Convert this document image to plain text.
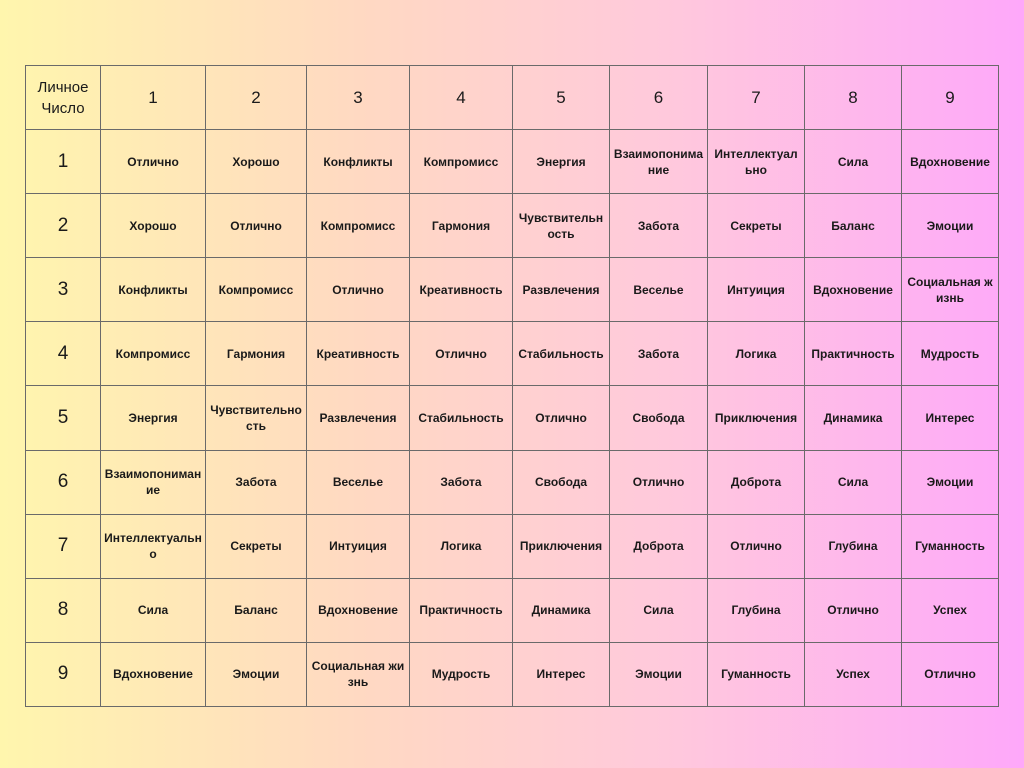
Личное Число	1	2	3	4	5	6	7	8	9
1	Отлично	Хорошо	Конфликты	Компромисс	Энергия	Взаимопонимание	Интеллектуально	Сила	Вдохновение
2	Хорошо	Отлично	Компромисс	Гармония	Чувствительность	Забота	Секреты	Баланс	Эмоции
3	Конфликты	Компромисс	Отлично	Креативность	Развлечения	Веселье	Интуиция	Вдохновение	Социальная жизнь
4	Компромисс	Гармония	Креативность	Отлично	Стабильность	Забота	Логика	Практичность	Мудрость
5	Энергия	Чувствительность	Развлечения	Стабильность	Отлично	Свобода	Приключения	Динамика	Интерес
6	Взаимопонимание	Забота	Веселье	Забота	Свобода	Отлично	Доброта	Сила	Эмоции
7	Интеллектуально	Секреты	Интуиция	Логика	Приключения	Доброта	Отлично	Глубина	Гуманность
8	Сила	Баланс	Вдохновение	Практичность	Динамика	Сила	Глубина	Отлично	Успех
9	Вдохновение	Эмоции	Социальная жизнь	Мудрость	Интерес	Эмоции	Гуманность	Успех	Отлично
